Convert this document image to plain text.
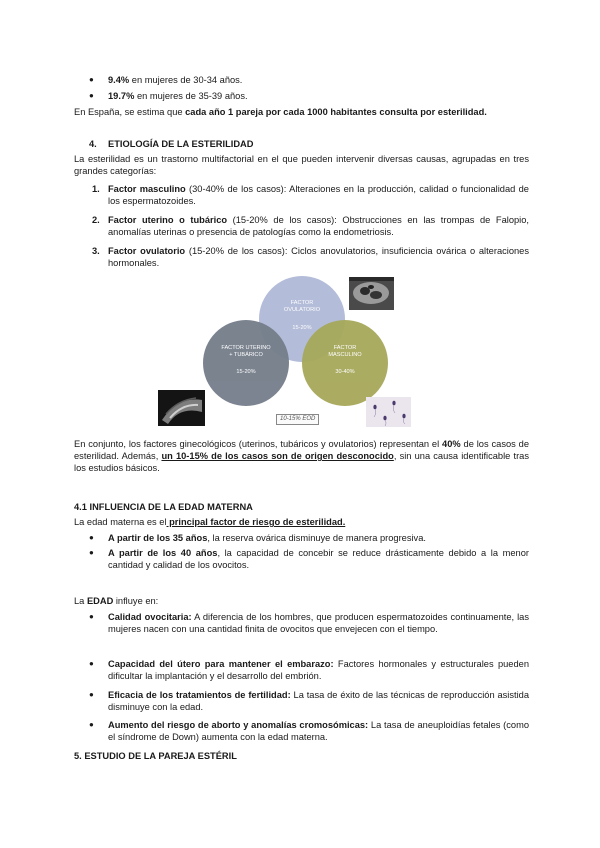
● 9.4% en mujeres de 30-34 años.
● 19.7% en mujeres de 35-39 años.
En España, se estima que cada año 1 pareja por cada 1000 habitantes consulta por esterilidad.
4. ETIOLOGÍA DE LA ESTERILIDAD
La esterilidad es un trastorno multifactorial en el que pueden intervenir diversas causas, agrupadas en tres grandes categorías:
1. Factor masculino (30-40% de los casos): Alteraciones en la producción, calidad o funcionalidad de los espermatozoides.
2. Factor uterino o tubárico (15-20% de los casos): Obstrucciones en las trompas de Falopio, anomalías uterinas o presencia de patologías como la endometriosis.
3. Factor ovulatorio (15-20% de los casos): Ciclos anovulatorios, insuficiencia ovárica o alteraciones hormonales.
FACTOR
OVULATORIO
15-20%
FACTOR UTERINO
+ TUBÁRICO
15-20%
FACTOR
MASCULINO
30-40%
10-15% EOD
En conjunto, los factores ginecológicos (uterinos, tubáricos y ovulatorios) representan el 40% de los casos de esterilidad. Además, un 10-15% de los casos son de origen desconocido, sin una causa identificable tras los estudios básicos.
4.1 INFLUENCIA DE LA EDAD MATERNA
La edad materna es el principal factor de riesgo de esterilidad.
● A partir de los 35 años, la reserva ovárica disminuye de manera progresiva.
● A partir de los 40 años, la capacidad de concebir se reduce drásticamente debido a la menor cantidad y calidad de los ovocitos.
La EDAD influye en:
● Calidad ovocitaria: A diferencia de los hombres, que producen espermatozoides continuamente, las mujeres nacen con una cantidad finita de ovocitos que envejecen con el tiempo.
● Capacidad del útero para mantener el embarazo: Factores hormonales y estructurales pueden dificultar la implantación y el desarrollo del embrión.
● Eficacia de los tratamientos de fertilidad: La tasa de éxito de las técnicas de reproducción asistida disminuye con la edad.
● Aumento del riesgo de aborto y anomalías cromosómicas: La tasa de aneuploidías fetales (como el síndrome de Down) aumenta con la edad materna.
5. ESTUDIO DE LA PAREJA ESTÉRIL
